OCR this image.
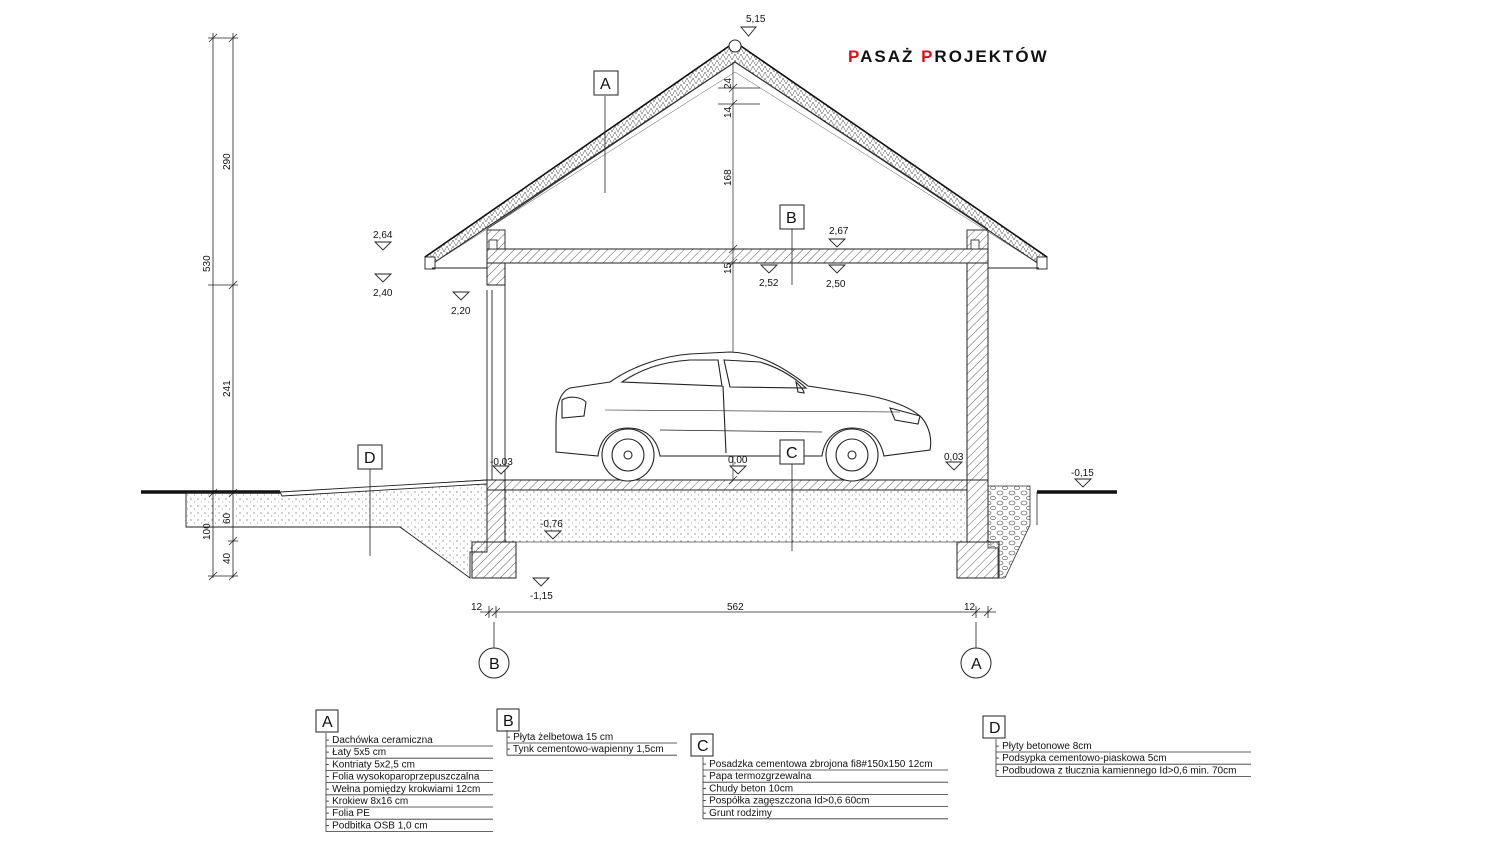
PASAŻ PROJEKTÓW
530
290
241
100
40
24
14
168
15
5,15
2,64
2,40
2,20
2,67
2,52	2,50
-0,03	0,00	0,03
-0,15
-0,76
-1,15
A
B
C
D
12	562	12
B	A
A
- Dachówka ceramiczna
- Łaty 5x5 cm
- Kontriaty 5x2,5 cm
- Folia wysokoparoprzepuszczalna
- Wełna pomiędzy krokwiami 12cm
- Krokiew 8x16 cm
- Folia PE
- Podbitka OSB 1,0 cm
B
- Płyta żelbetowa 15 cm
- Tynk cementowo-wapienny 1,5cm C
- Posadzka cementowa zbrojona fi8#150x150 12cm
- Papa termozgrzewalna
- Chudy beton 10cm
- Pospółka zagęszczona Id>0,6 60cm
- Grunt rodzimy
D
- Płyty betonowe 8cm
- Podsypka cementowo-piaskowa 5cm
- Podbudowa z tłucznia kamiennego Id>0,6 min. 70cm
